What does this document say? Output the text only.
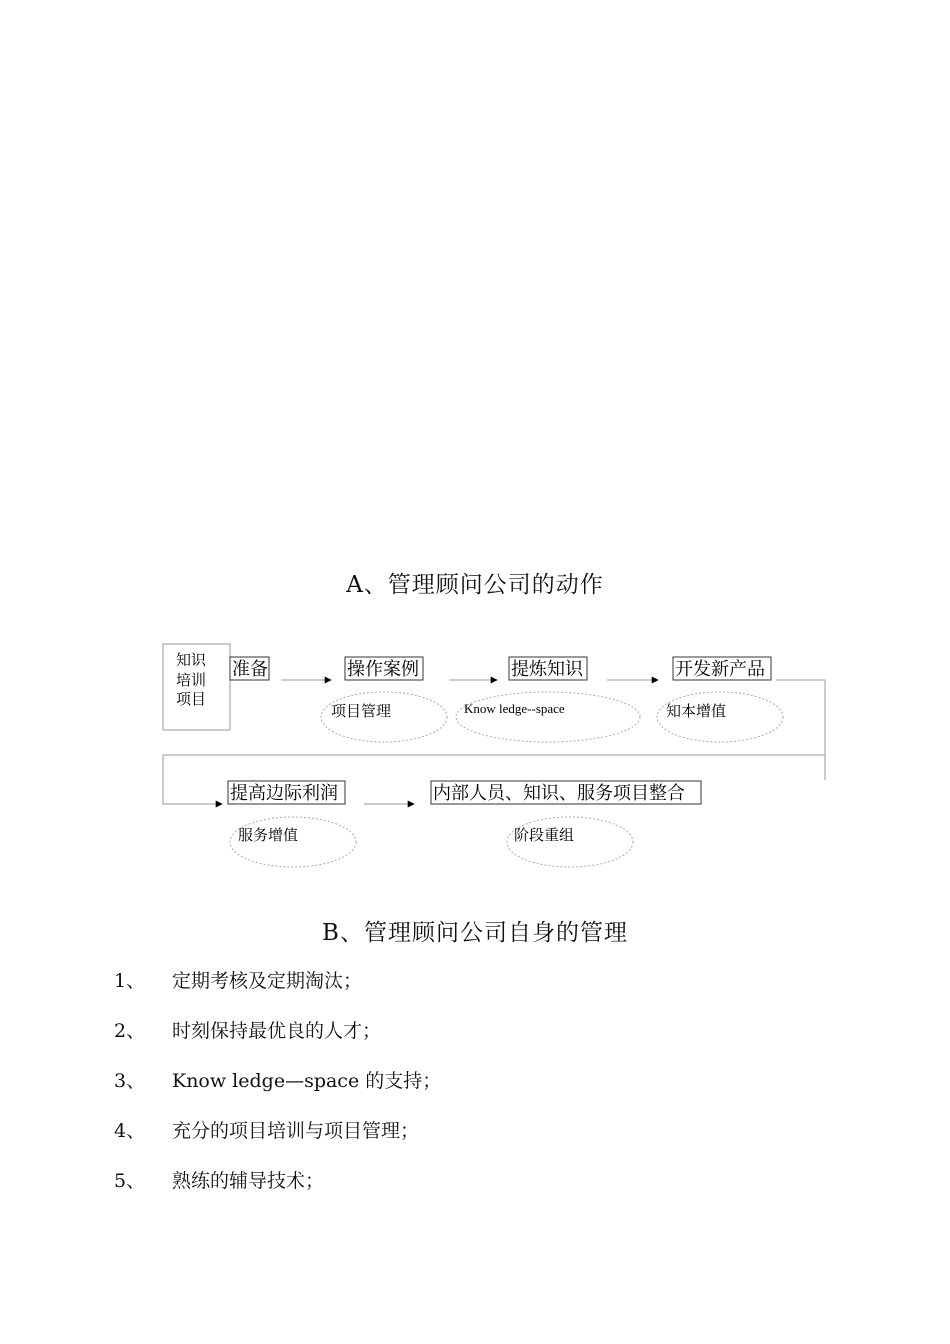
A、管理顾问公司的动作
知识
培训
项目
准备	操作案例	提炼知识	开发新产品
项目管理	Know ledge--space	知本增值
提高边际利润	内部人员、知识、服务项目整合
服务增值	阶段重组
B、管理顾问公司自身的管理
1、 定期考核及定期淘汰；
2、 时刻保持最优良的人才；
3、 Know ledge—space 的支持；
4、 充分的项目培训与项目管理；
5、 熟练的辅导技术；
